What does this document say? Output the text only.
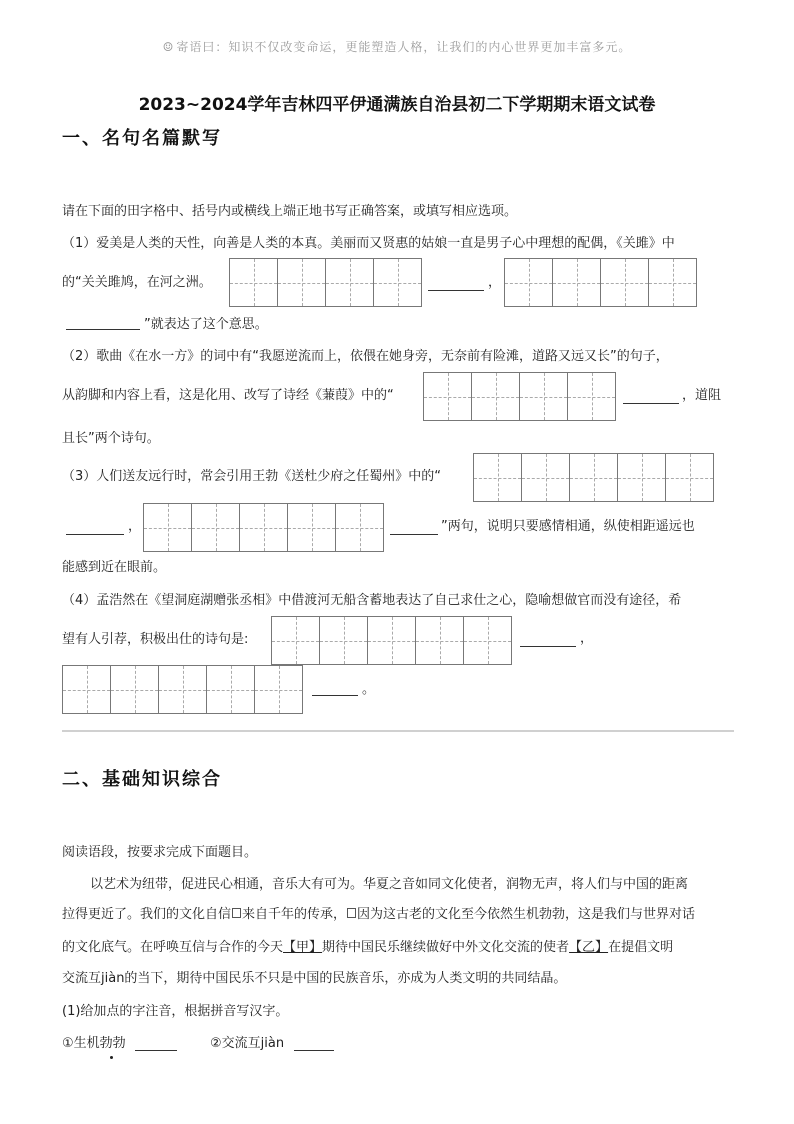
☺ 寄语曰：知识不仅改变命运，更能塑造人格，让我们的内心世界更加丰富多元。
2023~2024学年吉林四平伊通满族自治县初二下学期期末语文试卷
一、名句名篇默写
请在下面的田字格中、括号内或横线上端正地书写正确答案，或填写相应选项。
（1）爱美是人类的天性，向善是人类的本真。美丽而又贤惠的姑娘一直是男子心中理想的配偶，《关雎》中
的“关关雎鸠，在河之洲。	，
”就表达了这个意思。
（2）歌曲《在水一方》的词中有“我愿逆流而上，依偎在她身旁，无奈前有险滩，道路又远又长”的句子，
从韵脚和内容上看，这是化用、改写了诗经《蒹葭》中的“	，道阻
且长”两个诗句。
（3）人们送友远行时，常会引用王勃《送杜少府之任蜀州》中的“
，	”两句，说明只要感情相通，纵使相距遥远也
能感到近在眼前。
（4）孟浩然在《望洞庭湖赠张丞相》中借渡河无船含蓄地表达了自己求仕之心，隐喻想做官而没有途径，希
望有人引荐，积极出仕的诗句是:	，
。
二、基础知识综合
阅读语段，按要求完成下面题目。
以艺术为纽带，促进民心相通，音乐大有可为。华夏之音如同文化使者，润物无声，将人们与中国的距离
拉得更近了。我们的文化自信 来自千年的传承， 因为这古老的文化至今依然生机勃勃，这是我们与世界对话
的文化底气。在呼唤互信与合作的今天【甲】期待中国民乐继续做好中外文化交流的使者【乙】在提倡文明
交流互jiàn的当下，期待中国民乐不只是中国的民族音乐，亦成为人类文明的共同结晶。
(1)给加点的字注音，根据拼音写汉字。
①生机勃勃	②交流互jiàn
